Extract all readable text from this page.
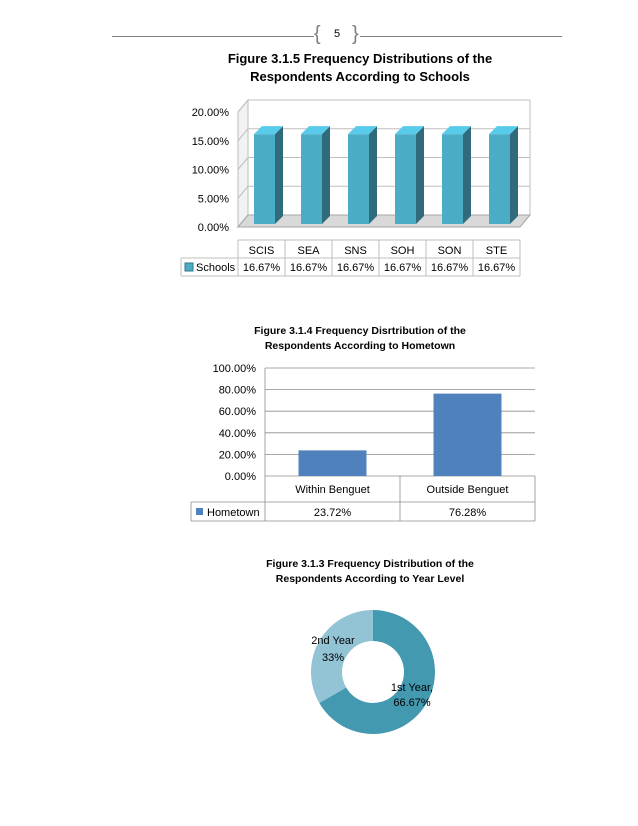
{ }
5
Figure 3.1.5 Frequency Distributions of the
Respondents According to Schools
Figure 3.1.4 Frequency Disrtribution of the
Respondents According to Hometown
Figure 3.1.3 Frequency Distribution of the
Respondents According to Year Level
0.00%
5.00%
10.00%
15.00%
20.00%
SCIS
16.67%
SEA
16.67%
SNS
16.67%
SOH
16.67%
SON
16.67%
STE
16.67%
Schools
0.00%
20.00%
40.00%
60.00%
80.00%
100.00%
Within Benguet
23.72%
Outside Benguet
76.28%
Hometown
1st Year,
66.67%
2nd Year
33%
